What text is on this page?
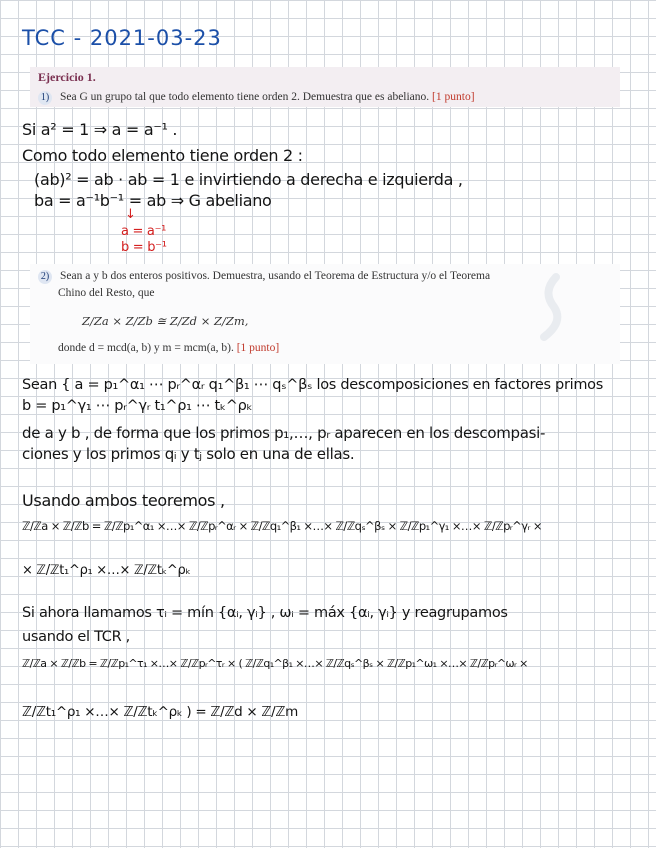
TCC - 2021-03-23
Ejercicio 1.
1) Sea G un grupo tal que todo elemento tiene orden 2. Demuestra que es abeliano. [1 punto]
Si a² = 1 ⇒ a = a⁻¹ .
Como todo elemento tiene orden 2 :
(ab)² = ab · ab = 1 e invirtiendo a derecha e izquierda ,
ba = a⁻¹b⁻¹ = ab ⇒ G abeliano
↓
a = a⁻¹
b = b⁻¹
2) Sean a y b dos enteros positivos. Demuestra, usando el Teorema de Estructura y/o el Teorema
Chino del Resto, que
Z/Za × Z/Zb ≅ Z/Zd × Z/Zm,
donde d = mcd(a, b) y m = mcm(a, b). [1 punto]
Sean { a = p₁^α₁ ⋯ pᵣ^αᵣ q₁^β₁ ⋯ qₛ^βₛ los descomposiciones en factores primos
b = p₁^γ₁ ⋯ pᵣ^γᵣ t₁^ρ₁ ⋯ tₖ^ρₖ
de a y b , de forma que los primos p₁,…, pᵣ aparecen en los descompasi-
ciones y los primos qᵢ y tⱼ solo en una de ellas.
Usando ambos teoremos ,
ℤ/ℤa × ℤ/ℤb = ℤ/ℤp₁^α₁ ×…× ℤ/ℤpᵣ^αᵣ × ℤ/ℤq₁^β₁ ×…× ℤ/ℤqₛ^βₛ × ℤ/ℤp₁^γ₁ ×…× ℤ/ℤpᵣ^γᵣ ×
× ℤ/ℤt₁^ρ₁ ×…× ℤ/ℤtₖ^ρₖ
Si ahora llamamos τᵢ = mín {αᵢ, γᵢ} , ωᵢ = máx {αᵢ, γᵢ} y reagrupamos
usando el TCR ,
ℤ/ℤa × ℤ/ℤb = ℤ/ℤp₁^τ₁ ×…× ℤ/ℤpᵣ^τᵣ × ( ℤ/ℤq₁^β₁ ×…× ℤ/ℤqₛ^βₛ × ℤ/ℤp₁^ω₁ ×…× ℤ/ℤpᵣ^ωᵣ ×
ℤ/ℤt₁^ρ₁ ×…× ℤ/ℤtₖ^ρₖ ) = ℤ/ℤd × ℤ/ℤm
